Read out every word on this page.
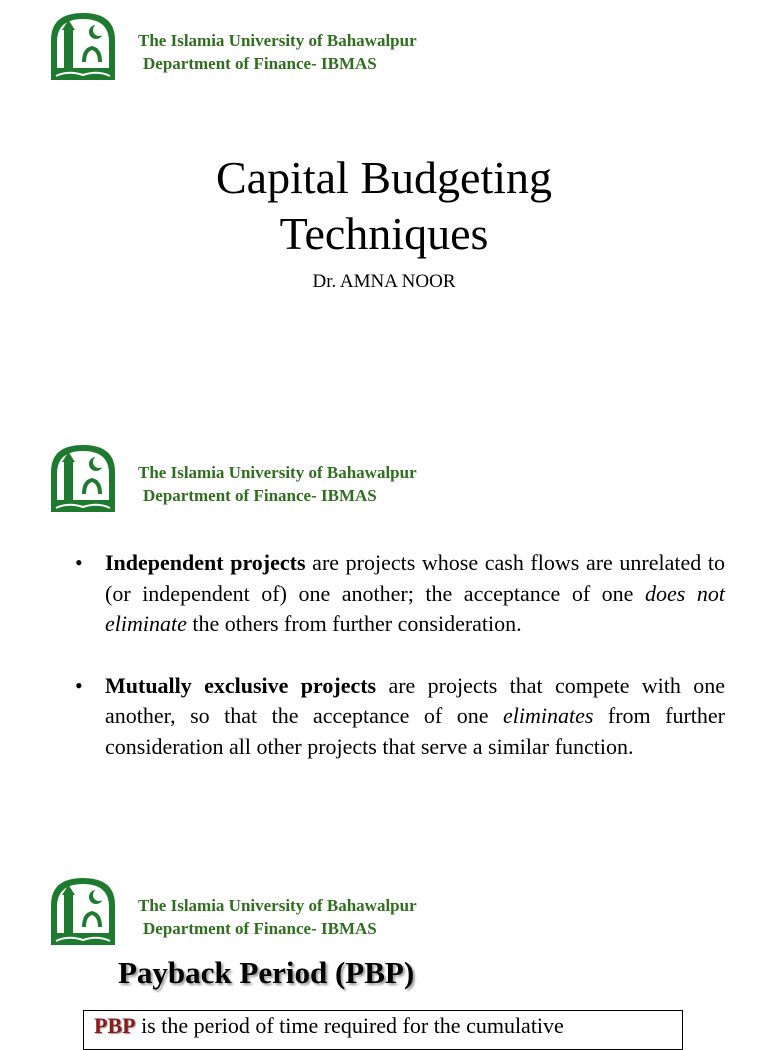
The Islamia University of Bahawalpur
Department of Finance- IBMAS
Capital Budgeting
Techniques
Dr. AMNA NOOR
The Islamia University of Bahawalpur
Department of Finance- IBMAS
• Independent projects are projects whose cash flows are unrelated to (or independent of) one another; the acceptance of one does not eliminate the others from further consideration.
• Mutually exclusive projects are projects that compete with one another, so that the acceptance of one eliminates from further consideration all other projects that serve a similar function.
The Islamia University of Bahawalpur
Department of Finance- IBMAS
Payback Period (PBP)
PBP is the period of time required for the cumulative
